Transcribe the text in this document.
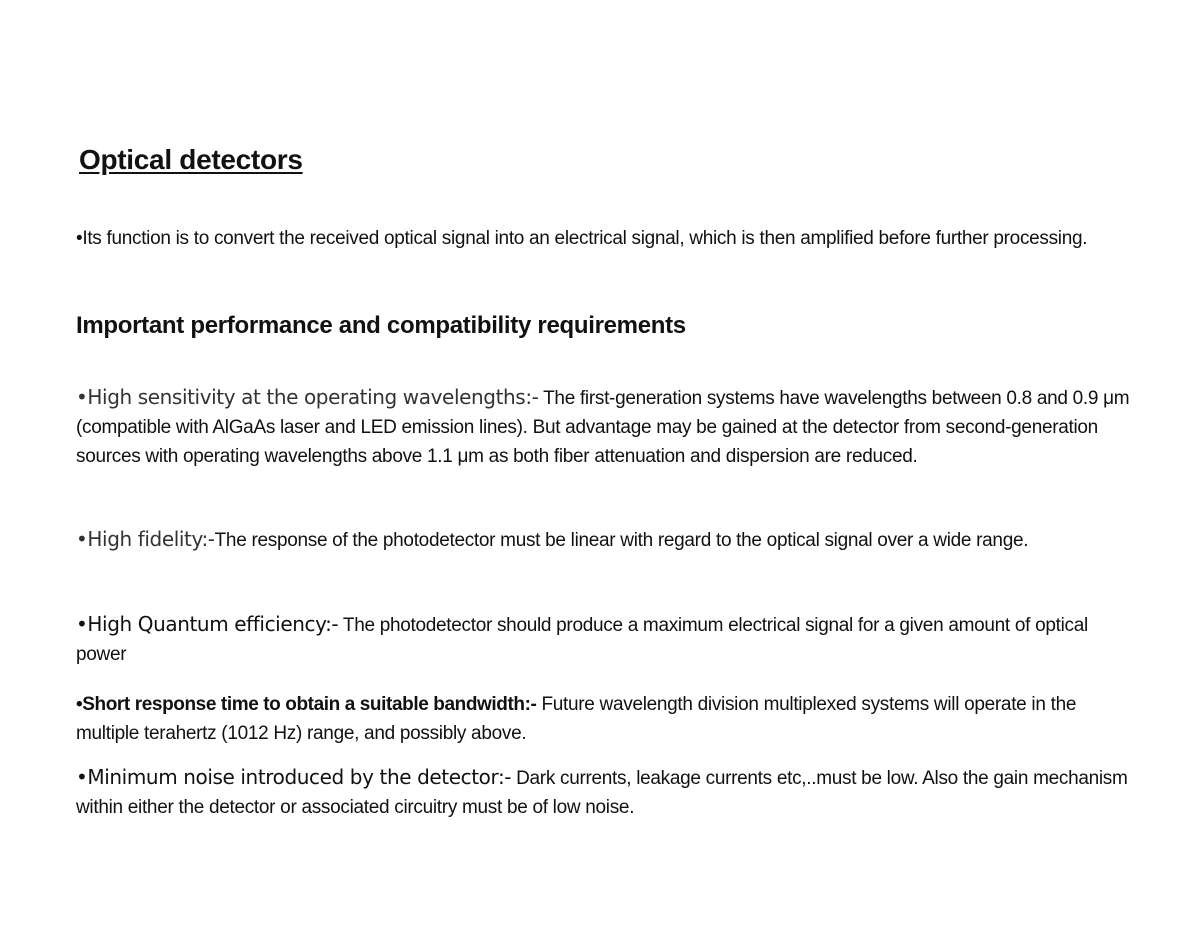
Optical detectors

•Its function is to convert the received optical signal into an electrical signal, which is then amplified before further processing.

Important performance and compatibility requirements

•High sensitivity at the operating wavelengths:- The first-generation systems have wavelengths between 0.8 and 0.9 μm (compatible with AlGaAs laser and LED emission lines). But advantage may be gained at the detector from second-generation sources with operating wavelengths above 1.1 μm as both fiber attenuation and dispersion are reduced.

•High fidelity:-The response of the photodetector must be linear with regard to the optical signal over a wide range.

•High Quantum efficiency:- The photodetector should produce a maximum electrical signal for a given amount of optical power

•Short response time to obtain a suitable bandwidth:- Future wavelength division multiplexed systems will operate in the multiple terahertz (1012 Hz) range, and possibly above.

•Minimum noise introduced by the detector:- Dark currents, leakage currents etc,..must be low. Also the gain mechanism within either the detector or associated circuitry must be of low noise.
